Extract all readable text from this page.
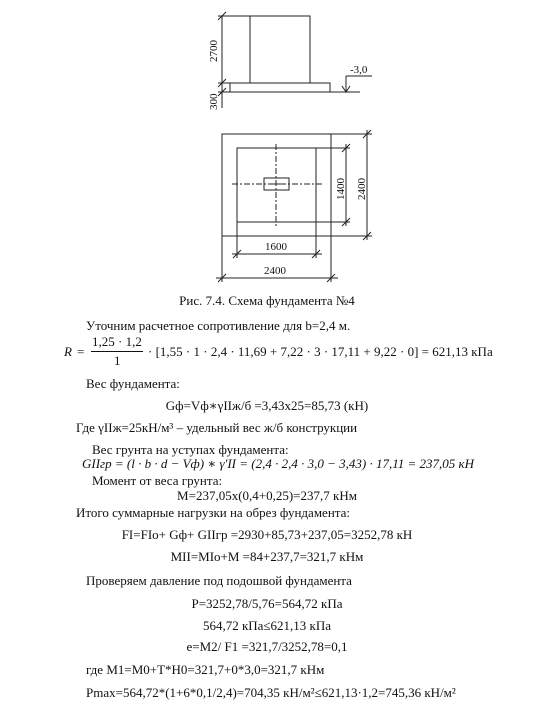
2700
300
-3,0
1400 2400
1600
2400
Рис. 7.4. Схема фундамента №4
Уточним расчетное сопротивление для b=2,4 м.
R =
1,25 · 1,2
1
· [1,55 · 1 · 2,4 · 11,69 + 7,22 · 3 · 17,11 + 9,22 · 0] = 621,13 кПа
Вес фундамента:
Gф=Vф∗γIIж/б =3,43x25=85,73 (кН)
Где γIIж=25кН/м³ – удельный вес ж/б конструкции
Вес грунта на уступах фундамента:
GIIгр = (l · b · d − Vф) ∗ γ'II = (2,4 · 2,4 · 3,0 − 3,43) · 17,11 = 237,05 кН
Момент от веса грунта:
M=237,05x(0,4+0,25)=237,7 кНм
Итого суммарные нагрузки на обрез фундамента:
FI=FIо+ Gф+ GIIгр =2930+85,73+237,05=3252,78 кН
MII=MIо+M =84+237,7=321,7 кНм
Проверяем давление под подошвой фундамента
P=3252,78/5,76=564,72 кПа
564,72 кПа≤621,13 кПа
e=M2/ F1 =321,7/3252,78=0,1
где M1=M0+T*H0=321,7+0*3,0=321,7 кНм
Pmax=564,72*(1+6*0,1/2,4)=704,35 кН/м²≤621,13·1,2=745,36 кН/м²
